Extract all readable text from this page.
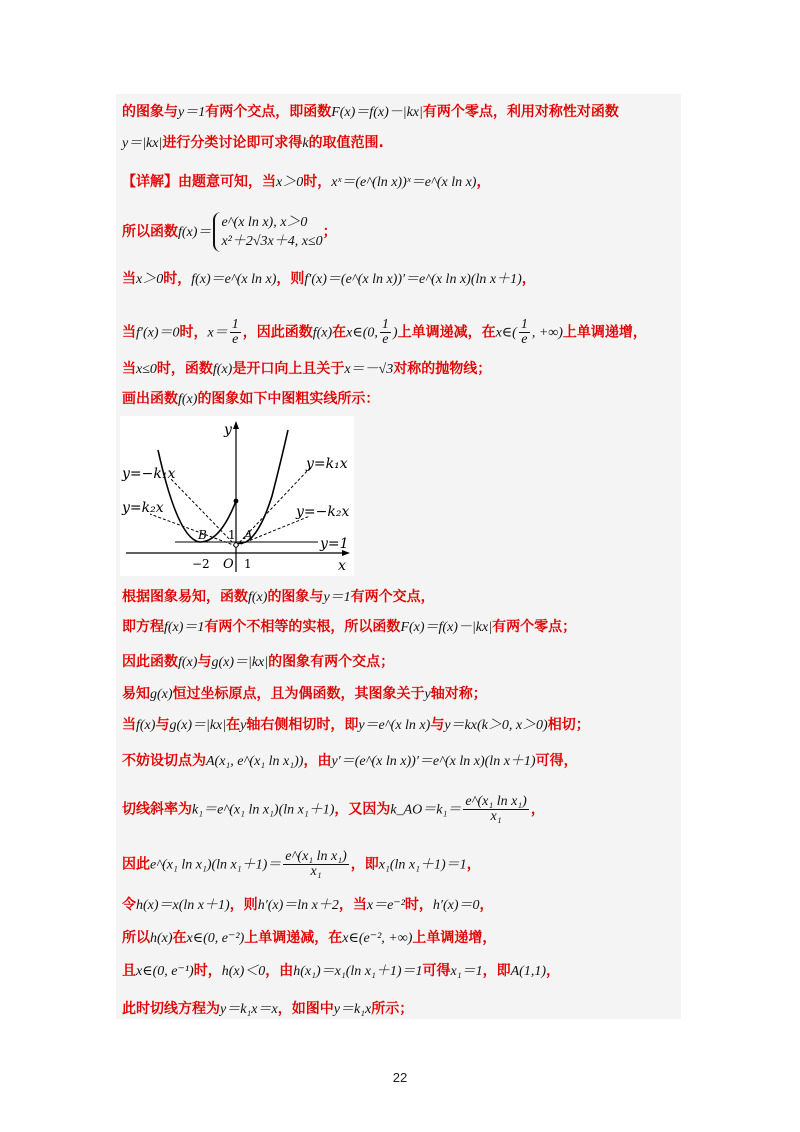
的图象与y＝1有两个交点，即函数F(x)＝f(x)－|kx|有两个零点，利用对称性对函数
y＝|kx|进行分类讨论即可求得k的取值范围.
【详解】由题意可知，当x＞0时，xˣ＝(e^(ln x))ˣ＝e^(x ln x)，
所以函数f(x)＝
e^(x ln x), x＞0
x²＋2√3x＋4, x≤0
；
当x＞0时，f(x)＝e^(x ln x)，则f′(x)＝(e^(x ln x))′＝e^(x ln x)(ln x＋1)，
当f′(x)＝0时，$x= \frac{1}{e}$ ，因此函数f(x)在x∈(0, $\frac{1}{e}$ )上单调递减，在x∈( $\frac{1}{e}$ , +∞)上单调递增，
当x≤0时，函数f(x)是开口向上且关于x＝－√3对称的抛物线；
画出函数f(x)的图象如下中图粗实线所示：
根据图象易知，函数f(x)的图象与y＝1有两个交点，
即方程f(x)＝1有两个不相等的实根，所以函数F(x)＝f(x)－|kx|有两个零点；
因此函数f(x)与g(x)＝|kx|的图象有两个交点；
易知g(x)恒过坐标原点，且为偶函数，其图象关于y轴对称；
当f(x)与g(x)＝|kx|在y轴右侧相切时，即y＝e^(x ln x)与y＝kx(k＞0, x＞0)相切；
不妨设切点为A(x₁, e^(x₁ ln x₁))，由y′＝(e^(x ln x))′＝e^(x ln x)(ln x＋1)可得，
切线斜率为k₁＝e^(x₁ ln x₁)(ln x₁＋1)，又因为k_AO＝k₁＝ $\frac{\text{e\textasciicircum{}(x₁ ln x₁)}}{\text{x₁}}$ ，
因此e^(x₁ ln x₁)(ln $x_1+1)= \frac{\text{e\textasciicircum{}(x₁ ln x₁)}}{\text{x₁}}$ ，即x₁(ln x₁＋1)＝1，
令h(x)＝x(ln x＋1)，则h′(x)＝ln x＋2，当x＝e⁻²时，h′(x)＝0，
所以h(x)在x∈(0, e⁻²)上单调递减，在x∈(e⁻², +∞)上单调递增，
且x∈(0, e⁻¹)时，h(x)＜0，由h(x₁)＝x₁(ln x₁＋1)＝1可得x₁＝1，即A(1,1)，
此时切线方程为y＝k₁x＝x，如图中y＝k₁x所示；
y
x
y=−k₁x
y=k₂x
y=k₁x
y=−k₂x
y=1
B	A
1
O
−2	1
22
